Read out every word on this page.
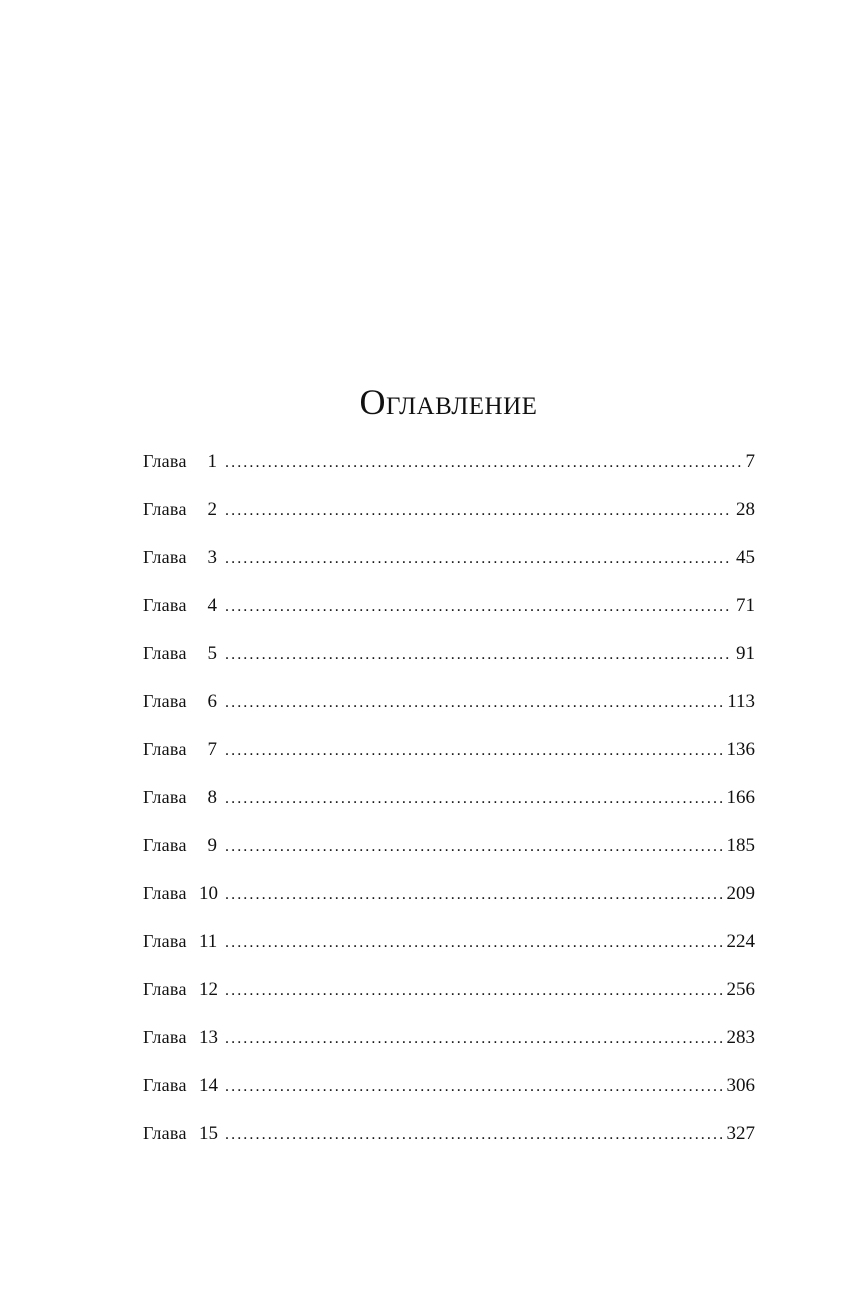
Оглавление
Глава	1 .....	7
Глава	2 .....	28
Глава	3 .....	45
Глава	4 .....	71
Глава	5 .....	91
Глава	6 .....	113
Глава	7 .....	136
Глава	8 .....	166
Глава	9 .....	185
Глава 10 .....	209
Глава 11 .....	224
Глава 12 .....	256
Глава 13 .....	283
Глава 14 .....	306
Глава 15 .....	327
